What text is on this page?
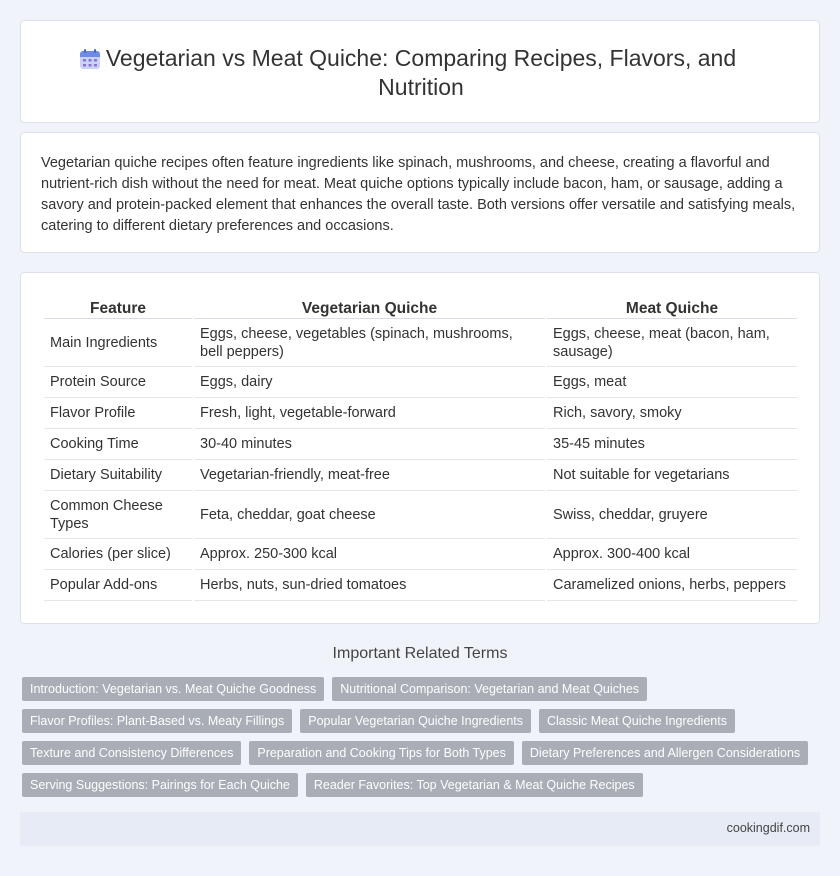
Vegetarian vs Meat Quiche: Comparing Recipes, Flavors, and Nutrition

Vegetarian quiche recipes often feature ingredients like spinach, mushrooms, and cheese, creating a flavorful and nutrient-rich dish without the need for meat. Meat quiche options typically include bacon, ham, or sausage, adding a savory and protein-packed element that enhances the overall taste. Both versions offer versatile and satisfying meals, catering to different dietary preferences and occasions.

Feature	Vegetarian Quiche	Meat Quiche
Main Ingredients	Eggs, cheese, vegetables (spinach, mushrooms, bell peppers)	Eggs, cheese, meat (bacon, ham, sausage)
Protein Source	Eggs, dairy	Eggs, meat
Flavor Profile	Fresh, light, vegetable-forward	Rich, savory, smoky
Cooking Time	30-40 minutes	35-45 minutes
Dietary Suitability	Vegetarian-friendly, meat-free	Not suitable for vegetarians
Common Cheese Types	Feta, cheddar, goat cheese	Swiss, cheddar, gruyere
Calories (per slice)	Approx. 250-300 kcal	Approx. 300-400 kcal
Popular Add-ons	Herbs, nuts, sun-dried tomatoes	Caramelized onions, herbs, peppers
Important Related Terms
Introduction: Vegetarian vs. Meat Quiche Goodness	Nutritional Comparison: Vegetarian and Meat Quiches
Flavor Profiles: Plant-Based vs. Meaty Fillings	Popular Vegetarian Quiche Ingredients	Classic Meat Quiche Ingredients
Texture and Consistency Differences	Preparation and Cooking Tips for Both Types	Dietary Preferences and Allergen Considerations
Serving Suggestions: Pairings for Each Quiche	Reader Favorites: Top Vegetarian & Meat Quiche Recipes
cookingdif.com
